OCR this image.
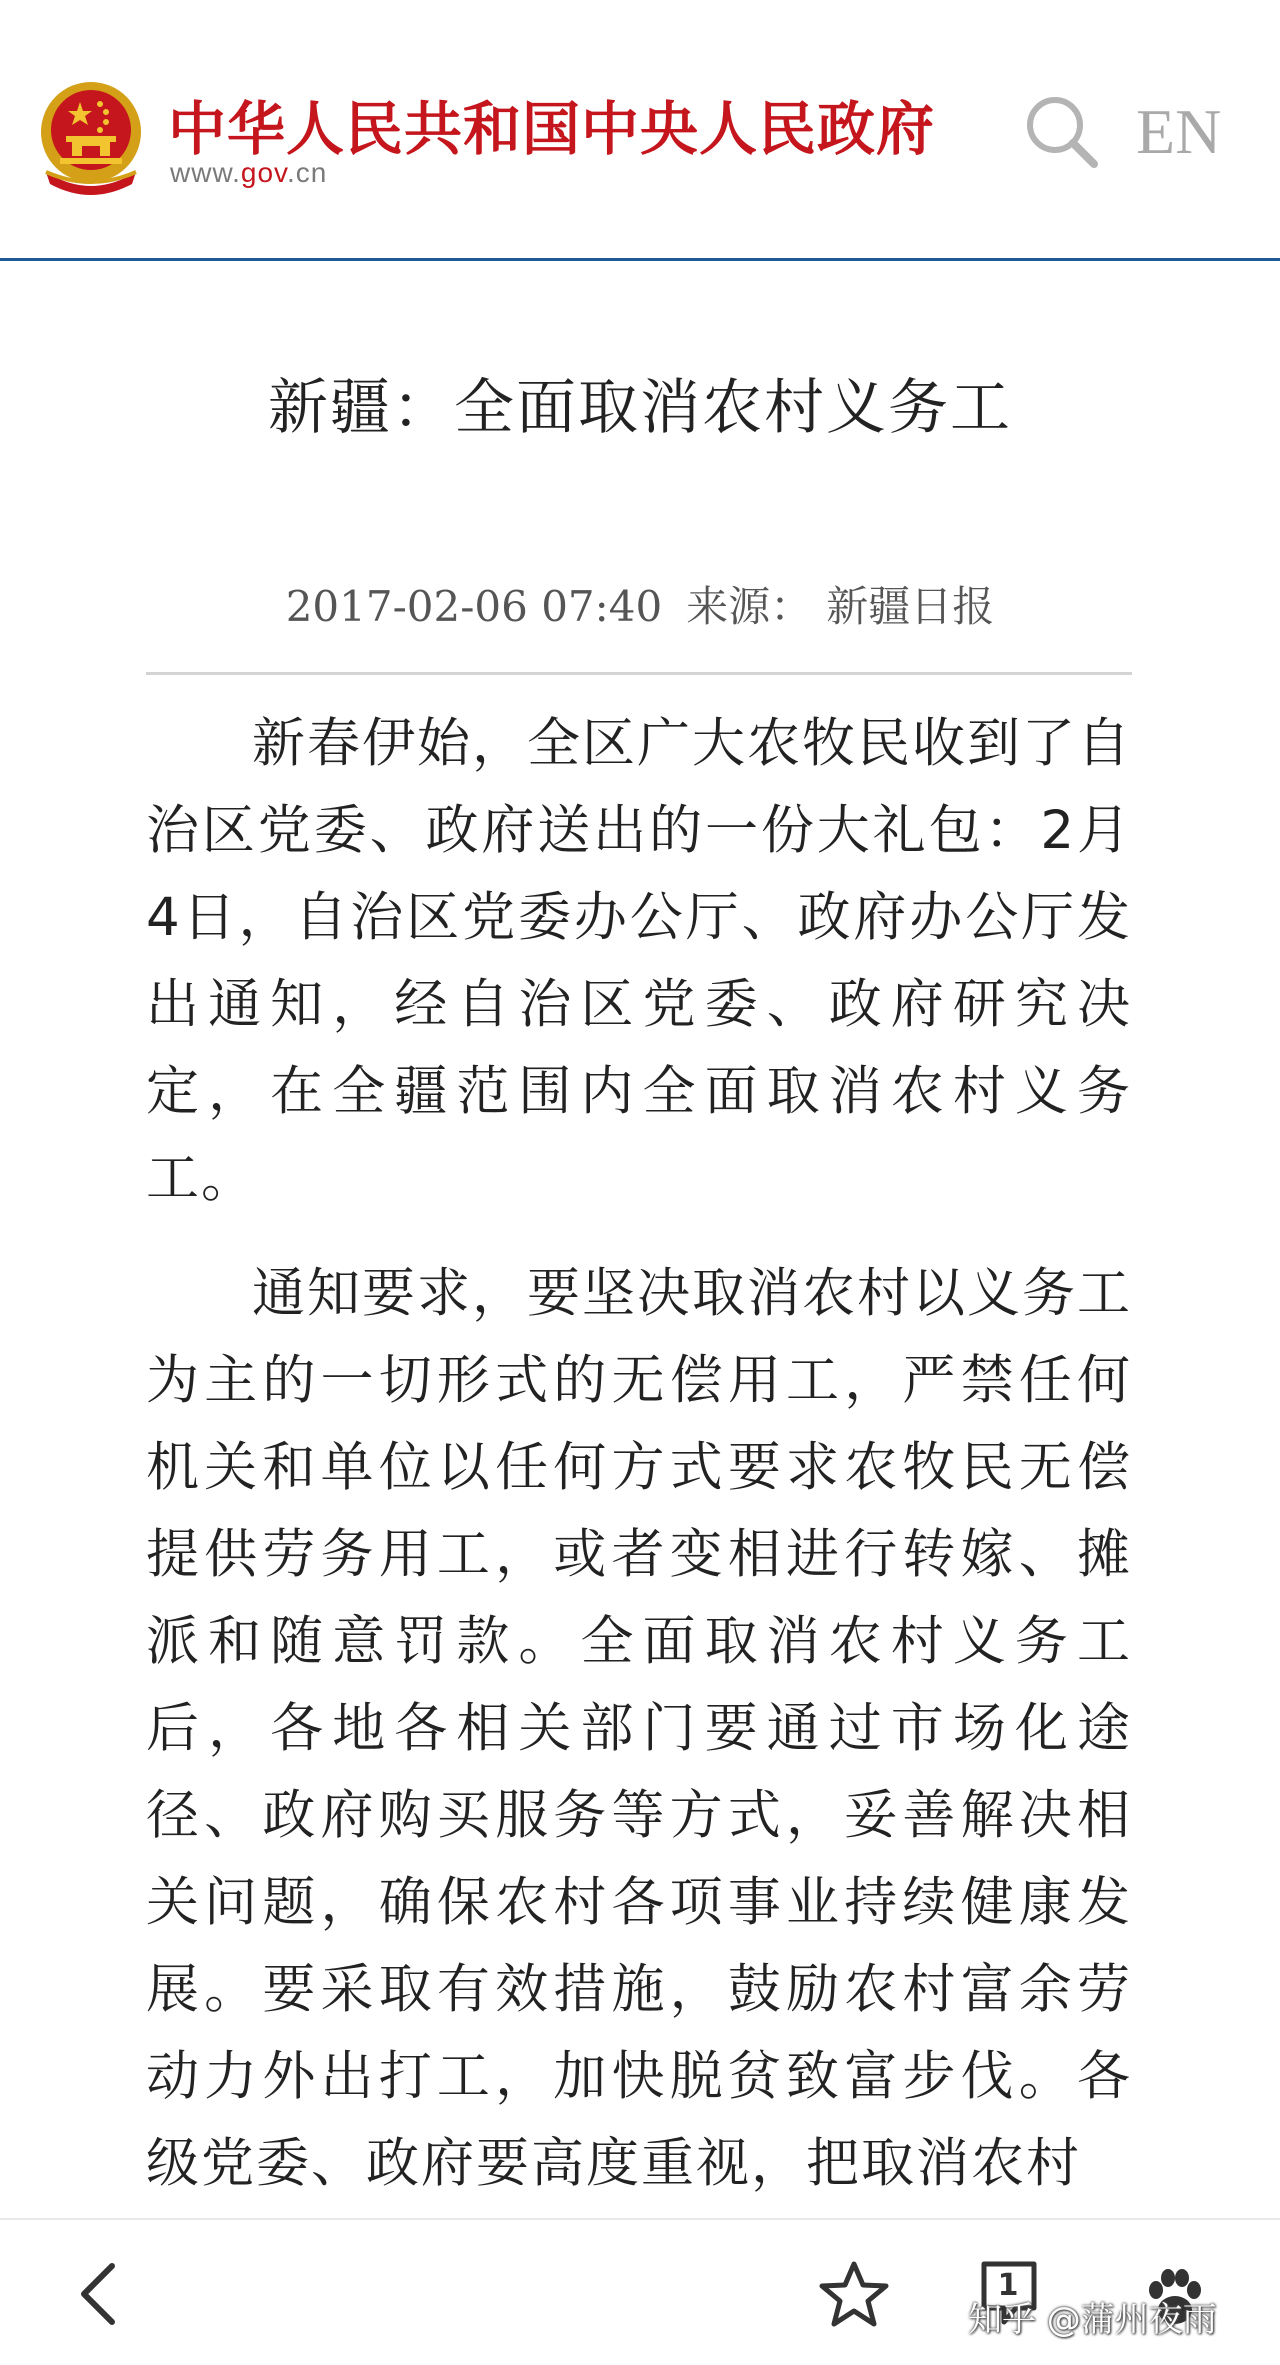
中华人民共和国中央人民政府
www.gov.cn
EN
新疆：全面取消农村义务工
2017-02-06 07:40 来源： 新疆日报

新春伊始，全区广大农牧民收到了自治区党委、政府送出的一份大礼包：2月4日，自治区党委办公厅、政府办公厅发出通知，经自治区党委、政府研究决定，在全疆范围内全面取消农村义务工。

通知要求，要坚决取消农村以义务工为主的一切形式的无偿用工，严禁任何机关和单位以任何方式要求农牧民无偿提供劳务用工，或者变相进行转嫁、摊派和随意罚款。全面取消农村义务工后，各地各相关部门要通过市场化途径、政府购买服务等方式，妥善解决相关问题，确保农村各项事业持续健康发展。要采取有效措施，鼓励农村富余劳动力外出打工，加快脱贫致富步伐。各级党委、政府要高度重视，把取消农村

1
知乎 @蒲州夜雨
